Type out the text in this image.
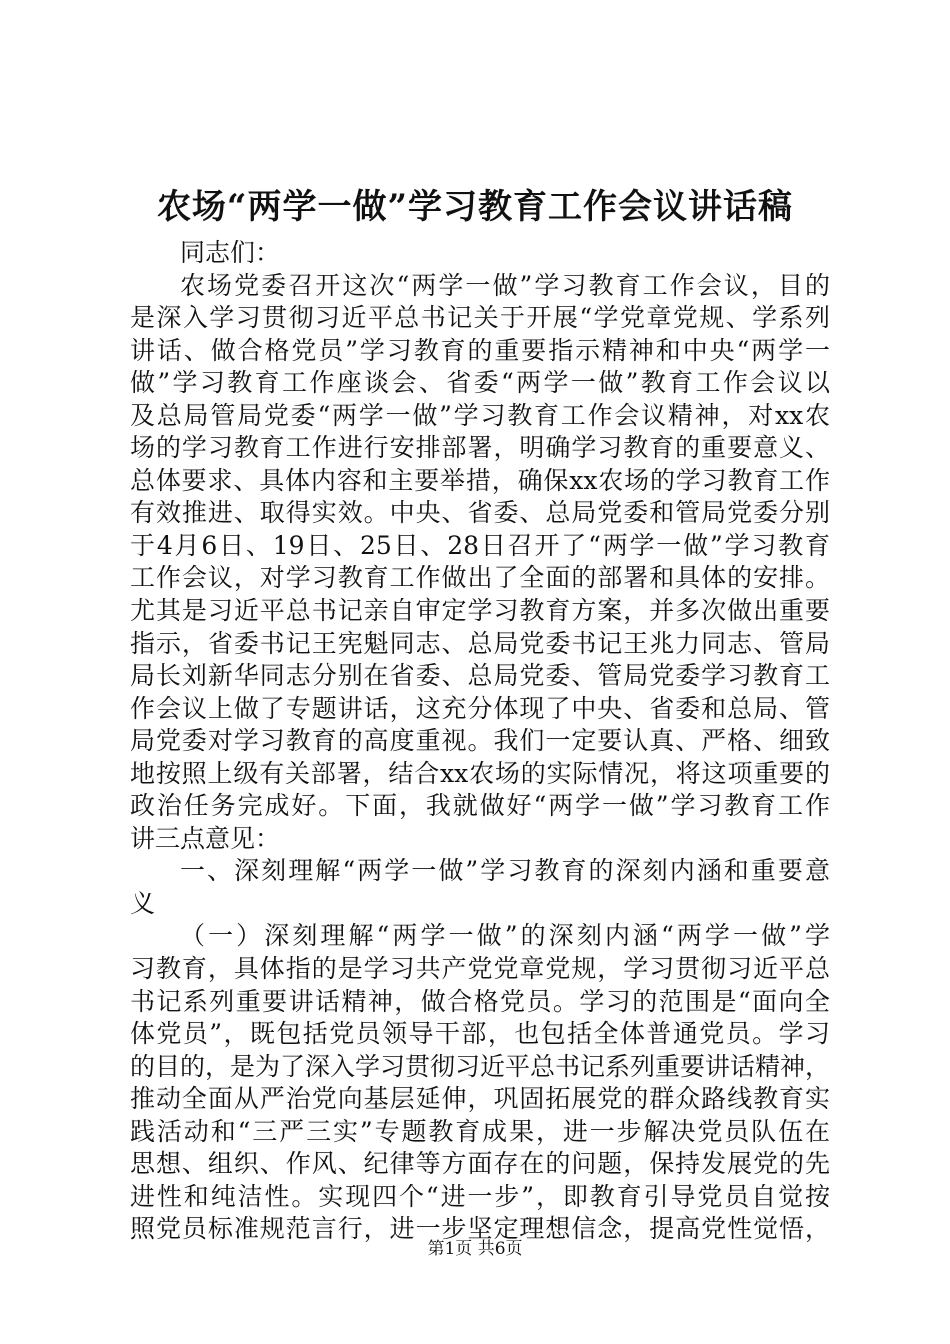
农场“两学一做”学习教育工作会议讲话稿
同志们：
农场党委召开这次“两学一做”学习教育工作会议，目的
是深入学习贯彻习近平总书记关于开展“学党章党规、学系列
讲话、做合格党员”学习教育的重要指示精神和中央“两学一
做”学习教育工作座谈会、省委“两学一做”教育工作会议以
及总局管局党委“两学一做”学习教育工作会议精神，对xx农
场的学习教育工作进行安排部署，明确学习教育的重要意义、
总体要求、具体内容和主要举措，确保xx农场的学习教育工作
有效推进、取得实效。中央、省委、总局党委和管局党委分别
于4月6日、19日、25日、28日召开了“两学一做”学习教育
工作会议，对学习教育工作做出了全面的部署和具体的安排。
尤其是习近平总书记亲自审定学习教育方案，并多次做出重要
指示，省委书记王宪魁同志、总局党委书记王兆力同志、管局
局长刘新华同志分别在省委、总局党委、管局党委学习教育工
作会议上做了专题讲话，这充分体现了中央、省委和总局、管
局党委对学习教育的高度重视。我们一定要认真、严格、细致
地按照上级有关部署，结合xx农场的实际情况，将这项重要的
政治任务完成好。下面，我就做好“两学一做”学习教育工作
讲三点意见：
一、深刻理解“两学一做”学习教育的深刻内涵和重要意
义
（一）深刻理解“两学一做”的深刻内涵“两学一做”学
习教育，具体指的是学习共产党党章党规，学习贯彻习近平总
书记系列重要讲话精神，做合格党员。学习的范围是“面向全
体党员”，既包括党员领导干部，也包括全体普通党员。学习
的目的，是为了深入学习贯彻习近平总书记系列重要讲话精神，
推动全面从严治党向基层延伸，巩固拓展党的群众路线教育实
践活动和“三严三实”专题教育成果，进一步解决党员队伍在
思想、组织、作风、纪律等方面存在的问题，保持发展党的先
进性和纯洁性。实现四个“进一步”，即教育引导党员自觉按
照党员标准规范言行，进一步坚定理想信念，提高党性觉悟，
第1页 共6页
